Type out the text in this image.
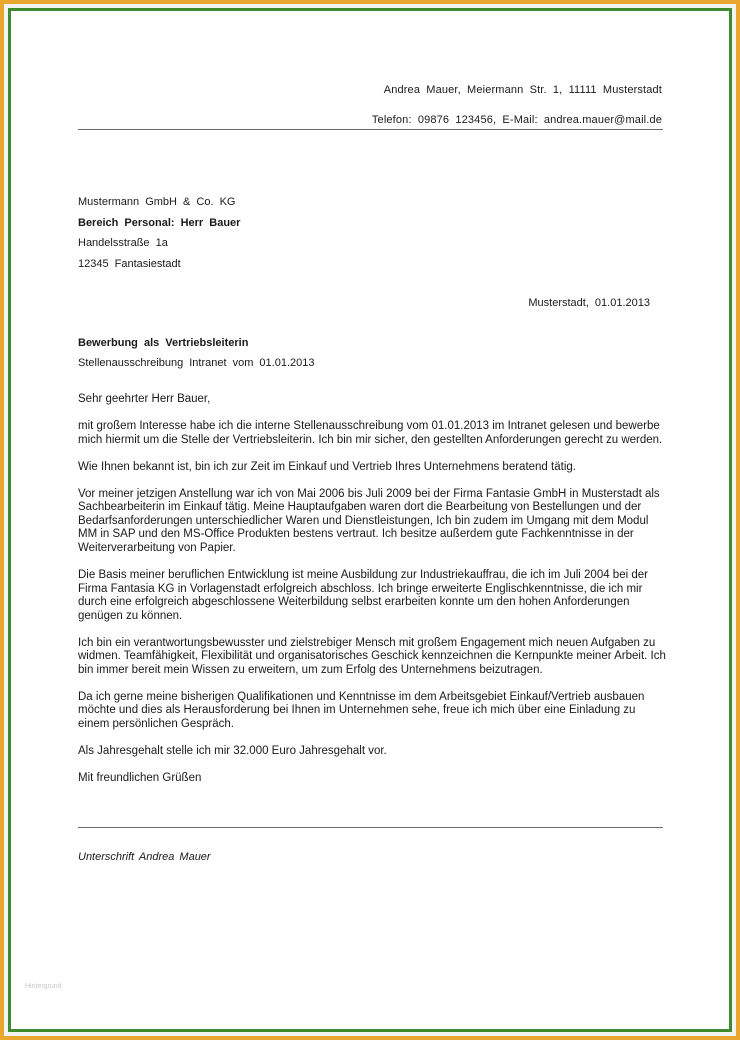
Andrea Mauer, Meiermann Str. 1, 11111 Musterstadt
Telefon: 09876 123456, E-Mail: andrea.mauer@mail.de
Mustermann GmbH & Co. KG
Bereich Personal: Herr Bauer
Handelsstraße 1a
12345 Fantasiestadt
Musterstadt, 01.01.2013
Bewerbung als Vertriebsleiterin
Stellenausschreibung Intranet vom 01.01.2013

Sehr geehrter Herr Bauer,

mit großem Interesse habe ich die interne Stellenausschreibung vom 01.01.2013 im Intranet gelesen und bewerbe mich hiermit um die Stelle der Vertriebsleiterin. Ich bin mir sicher, den gestellten Anforderungen gerecht zu werden.

Wie Ihnen bekannt ist, bin ich zur Zeit im Einkauf und Vertrieb Ihres Unternehmens beratend tätig.

Vor meiner jetzigen Anstellung war ich von Mai 2006 bis Juli 2009 bei der Firma Fantasie GmbH in Musterstadt als Sachbearbeiterin im Einkauf tätig. Meine Hauptaufgaben waren dort die Bearbeitung von Bestellungen und der Bedarfsanforderungen unterschiedlicher Waren und Dienstleistungen, Ich bin zudem im Umgang mit dem Modul MM in SAP und den MS-Office Produkten bestens vertraut. Ich besitze außerdem gute Fachkenntnisse in der Weiterverarbeitung von Papier.

Die Basis meiner beruflichen Entwicklung ist meine Ausbildung zur Industriekauffrau, die ich im Juli 2004 bei der Firma Fantasia KG in Vorlagenstadt erfolgreich abschloss. Ich bringe erweiterte Englischkenntnisse, die ich mir durch eine erfolgreich abgeschlossene Weiterbildung selbst erarbeiten konnte um den hohen Anforderungen genügen zu können.

Ich bin ein verantwortungsbewusster und zielstrebiger Mensch mit großem Engagement mich neuen Aufgaben zu widmen. Teamfähigkeit, Flexibilität und organisatorisches Geschick kennzeichnen die Kernpunkte meiner Arbeit. Ich bin immer bereit mein Wissen zu erweitern, um zum Erfolg des Unternehmens beizutragen.

Da ich gerne meine bisherigen Qualifikationen und Kenntnisse im dem Arbeitsgebiet Einkauf/Vertrieb ausbauen möchte und dies als Herausforderung bei Ihnen im Unternehmen sehe, freue ich mich über eine Einladung zu einem persönlichen Gespräch.

Als Jahresgehalt stelle ich mir 32.000 Euro Jahresgehalt vor.

Mit freundlichen Grüßen

Unterschrift Andrea Mauer
Hintergrund
